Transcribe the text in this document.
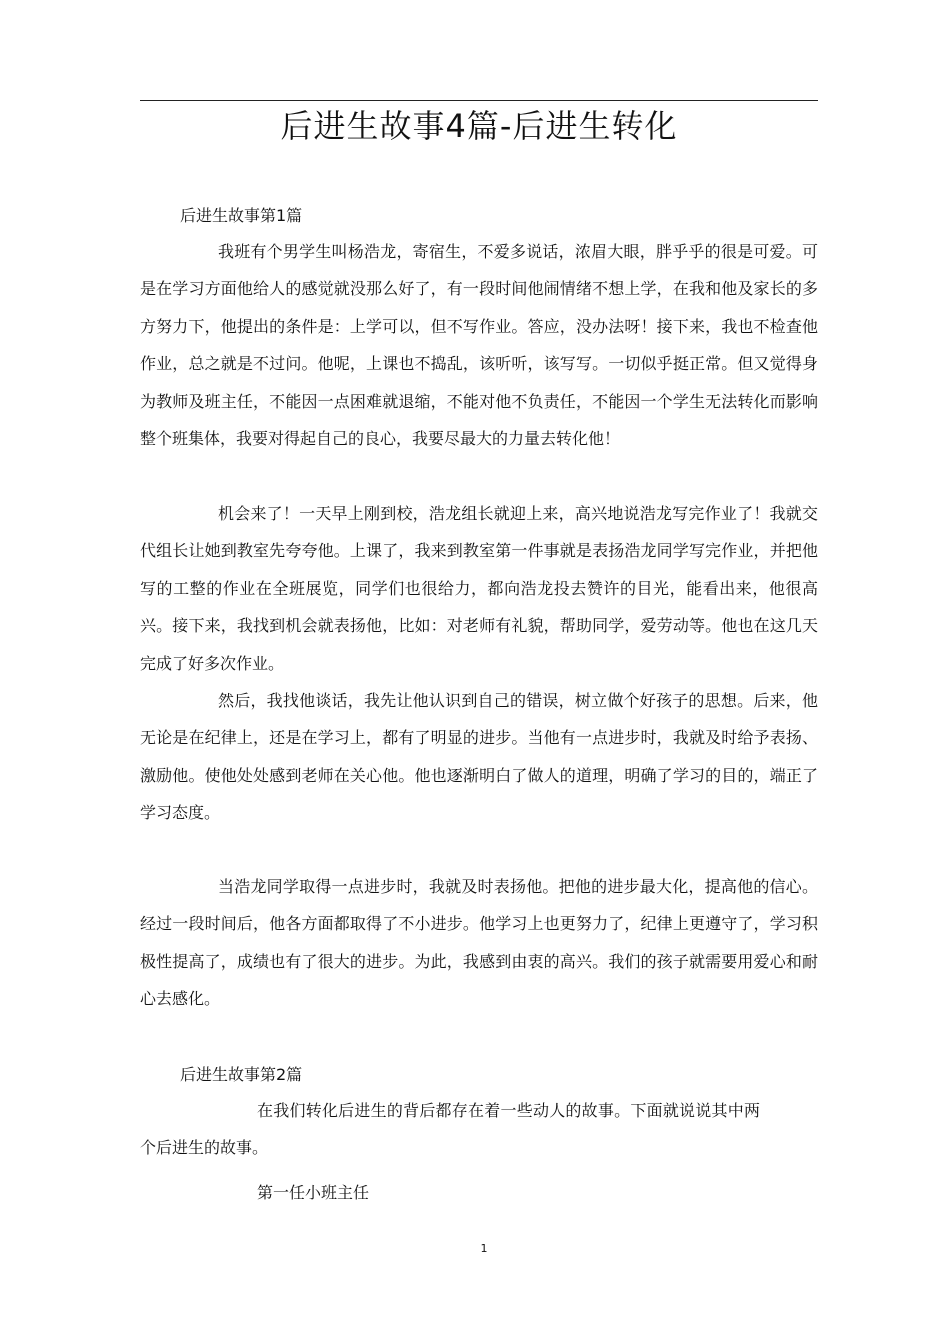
后进生故事4篇-后进生转化

后进生故事第1篇

我班有个男学生叫杨浩龙，寄宿生，不爱多说话，浓眉大眼，胖乎乎的很是可爱。可是在学习方面他给人的感觉就没那么好了，有一段时间他闹情绪不想上学，在我和他及家长的多方努力下，他提出的条件是：上学可以，但不写作业。答应，没办法呀！接下来，我也不检查他作业，总之就是不过问。他呢，上课也不捣乱，该听听，该写写。一切似乎挺正常。但又觉得身为教师及班主任，不能因一点困难就退缩，不能对他不负责任，不能因一个学生无法转化而影响整个班集体，我要对得起自己的良心，我要尽最大的力量去转化他！

机会来了！一天早上刚到校，浩龙组长就迎上来，高兴地说浩龙写完作业了！我就交代组长让她到教室先夸夸他。上课了，我来到教室第一件事就是表扬浩龙同学写完作业，并把他写的工整的作业在全班展览，同学们也很给力，都向浩龙投去赞许的目光，能看出来，他很高兴。接下来，我找到机会就表扬他，比如：对老师有礼貌，帮助同学，爱劳动等。他也在这几天完成了好多次作业。

然后，我找他谈话，我先让他认识到自己的错误，树立做个好孩子的思想。后来，他无论是在纪律上，还是在学习上，都有了明显的进步。当他有一点进步时，我就及时给予表扬、激励他。使他处处感到老师在关心他。他也逐渐明白了做人的道理，明确了学习的目的，端正了学习态度。

当浩龙同学取得一点进步时，我就及时表扬他。把他的进步最大化，提高他的信心。经过一段时间后，他各方面都取得了不小进步。他学习上也更努力了，纪律上更遵守了，学习积极性提高了，成绩也有了很大的进步。为此，我感到由衷的高兴。我们的孩子就需要用爱心和耐心去感化。

后进生故事第2篇

在我们转化后进生的背后都存在着一些动人的故事。下面就说说其中两个后进生的故事。

第一任小班主任

1
